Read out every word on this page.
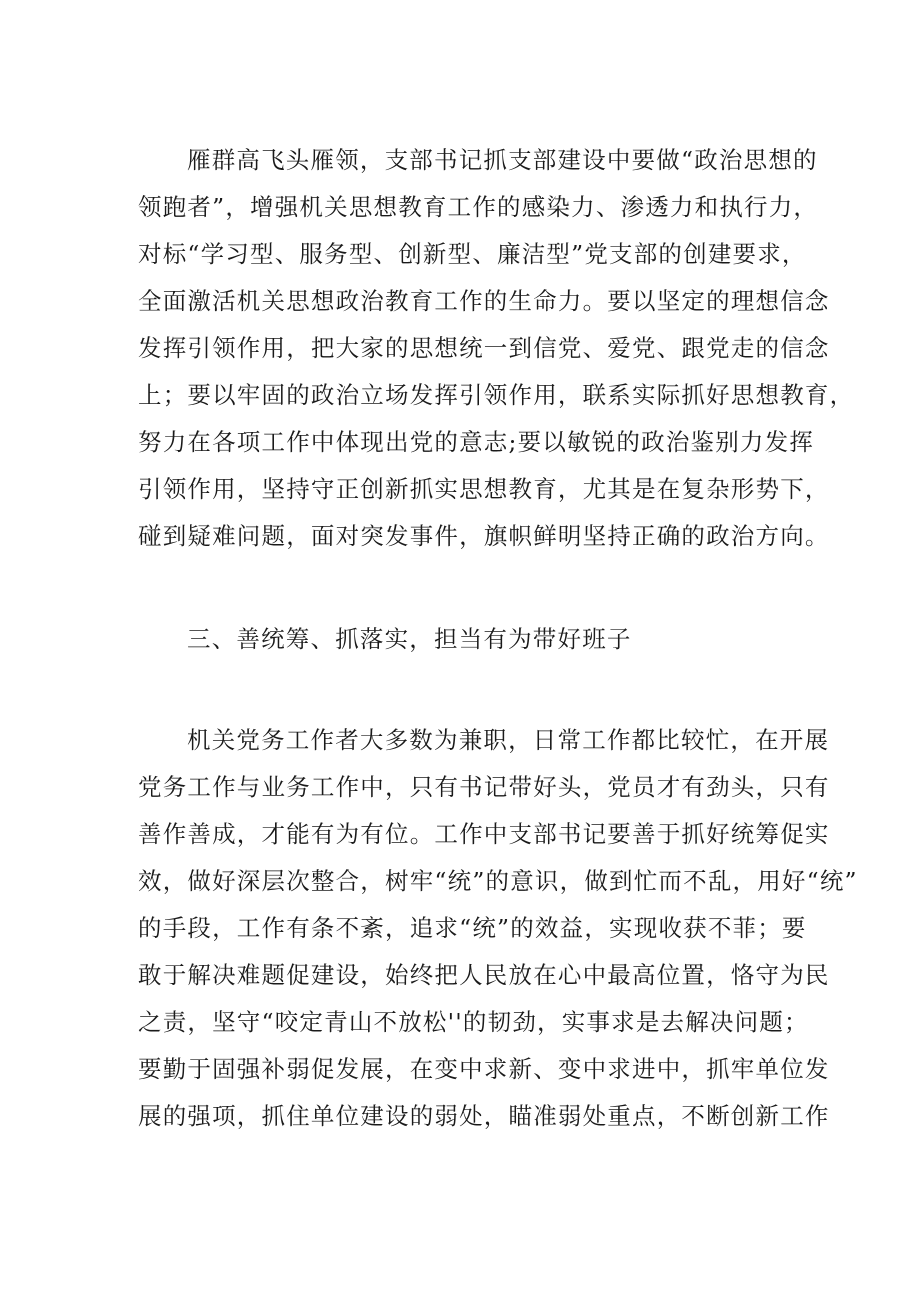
雁群高飞头雁领，支部书记抓支部建设中要做“政治思想的
领跑者”，增强机关思想教育工作的感染力、渗透力和执行力，
对标“学习型、服务型、创新型、廉洁型”党支部的创建要求，
全面激活机关思想政治教育工作的生命力。要以坚定的理想信念
发挥引领作用，把大家的思想统一到信党、爱党、跟党走的信念
上；要以牢固的政治立场发挥引领作用，联系实际抓好思想教育，
努力在各项工作中体现出党的意志;要以敏锐的政治鉴别力发挥
引领作用，坚持守正创新抓实思想教育，尤其是在复杂形势下，
碰到疑难问题，面对突发事件，旗帜鲜明坚持正确的政治方向。
三、善统筹、抓落实，担当有为带好班子
机关党务工作者大多数为兼职，日常工作都比较忙，在开展
党务工作与业务工作中，只有书记带好头，党员才有劲头，只有
善作善成，才能有为有位。工作中支部书记要善于抓好统筹促实
效，做好深层次整合，树牢“统”的意识，做到忙而不乱，用好“统”
的手段，工作有条不紊，追求“统”的效益，实现收获不菲；要
敢于解决难题促建设，始终把人民放在心中最高位置，恪守为民
之责，坚守“咬定青山不放松''的韧劲，实事求是去解决问题；
要勤于固强补弱促发展，在变中求新、变中求进中，抓牢单位发
展的强项，抓住单位建设的弱处，瞄准弱处重点，不断创新工作
